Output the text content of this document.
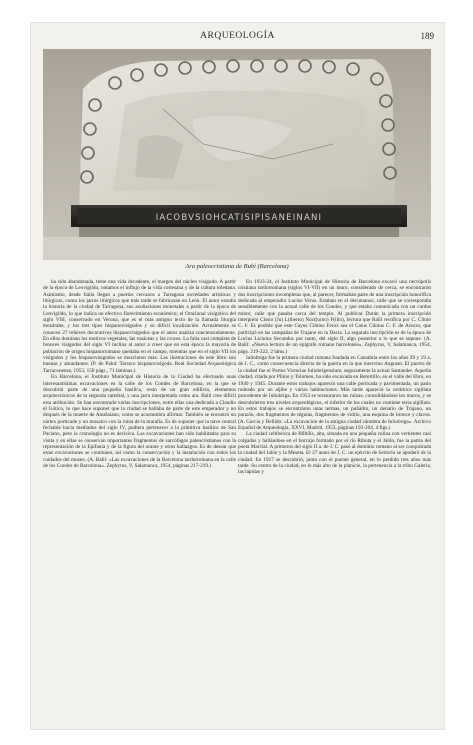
ARQUEOLOGÍA	189
IACOBVSIOHCATISIPISANEINANI
Ara paleocristiana de Rubí (Barcelona)

ha sido abandonada, tiene una vida decadente, el margen del núcleo visigodo. A partir de la época de Leovigildo, notamos el influjo de la vida cortesana y de la cultura toledana. Asimismo, desde Italia llegan a puertos cercanos a Tarragona novedades artísticas y litúrgicas, como los jarros litúrgicos que más tarde se fabricarán en León. El autor estudia la historia de la ciudad de Tarragona, sus acuñaciones monetales a partir de la época de Leovigildo, lo que indica un efectivo florecimiento económico; el Oracional visigótico del siglo VIII, conservado en Verona, que es el más antiguo texto de la llamada liturgia mozárabe, y los tres tipos hispanovisigodos y su difícil localización. Actualmente se conocen 27 relieves decorativos hispanovisigodos que el autor analiza concienzudamente. En ellos dominan los motivos vegetales, las rosáceas y las cruces. La falta casi completa de bronces visigodos del siglo VI inclina al autor a creer que en esta época la mayoría de población de origen hispanorromano quedaba en el campo, mientras que en el siglo VII los visigodos y los hispanovisigodos se mezclaron más. Las ilustraciones de este libro son buenas y abundantes. (P. de Palol: Tarraco hispanovisigoda. Real Sociedad Arqueológica Tarraconense, 1953, 158 págs., 71 láminas.)

En Barcelona, el Instituto Municipal de Historia de la Ciudad ha efectuado unas interesantísimas excavaciones en la calle de los Condes de Barcelona, en la que se descubrió parte de una pequeña basílica, resto de un gran edificio, elementos arquitectónicos de la segunda catedral, y una jarra interpretada como ara. Balil cree difícil esta atribución. Se han encontrado varias inscripciones, entre ellas una dedicada a Claudio el Gótico, lo que hace suponer que la ciudad se hallaba de parte de este emperador y no después de la muerte de Amelaiano, como se acostumbra afirmar. También se encontró un nártex porticado y un mosaico con la ruina de la muralla. Es de suponer que la nave central fechable hacia mediados del siglo IV, pudiera pertenecer a la primitiva basílica de San Paciano, pero la cronología no es decisiva. Las excavaciones han sido habilitadas para su visita y en ellas se conservan importantes fragmentos de sarcófagos paleocristianos con la representación de la Epifanía y de la figura del orante y otros hallazgos. Es de desear que estas excavaciones se continúen, así como la conservación y la instalación con todos los cuidados del museo. (A. Balil: «Las excavaciones de la Barcelona tardorromana en la calle de los Condes de Barcelona». Zephyrus, V, Salamanca, 1954, páginas 217-219.)

En 1933-34, el Instituto Municipal de Historia de Barcelona excavó una necrópolis cristiana tardorromana (siglos VI-VII) en un muro, considerado de cerca, se encontraron dos inscripciones incompletas que, al parecer, formaban parte de una inscripción honorífica dedicada al emperador Lucius Verus. Estaban en el decumanus, calle que se correspondía sensiblemente con la actual calle de los Condes, y que estaba comunicada con un cardus minor, calle que pasaba cerca del templo. Al publicar Durán la primera inscripción interpretó Cissio (Ju) L(iberto) Noct(urno) F(ilio), lectura que Balil rectifica por C. Cilnio C. F. Es posible que este Cayus Cilnius Ferox sea el Caius Cilnius C. F. de Arezzo, que participó en las campañas de Trajano en la Dacia. La segunda inscripción es de la época de Lucius Licinius Secundus por tanto, del siglo II, algo posterior a lo que se supone. (A. Balil: «Nueva lectura de un epígrafe romano barcelonés», Zephyrus, V, Salamanca, 1954, págs. 219-222, 2 láms.)

Iuliobriga fue la primera ciudad romana fundada en Cantabria entre los años 29 y 19 a. de J. C., como consecuencia directa de la guerra en la que intervino Augusto. El puerto de la ciudad fue el Portus Victoriae Iuliobrigensium, seguramente la actual Santander. Aquella ciudad, citada por Plinio y Tolomeo, ha sido excavada en Retortillo, en el valle del Ebro, en 1940 y 1945. Durante estos trabajos apareció una calle porticada y pavimentada, un patio rodeado por un aljibe y varias habitaciones. Más tarde apareció la cerámica sigillata procedente de Iuliobriga. En 1953 se restauraron las ruinas, consolidándose los muros, y se descubrieron tres niveles arqueológicos, el inferior de los cuales no contiene terra sigillata. En estos trabajos se encontraron unas termas, un puñalito, un denario de Trajano, un punzón, dos fragmentos de tégulas, fragmentos de vidrio, una esquina de bronce y clavos. (A. García y Bellido: «La excavación de la antigua ciudad cántabra de Iuliobriga». Archivo Español de Arqueología, XXVI, Madrid, 1953, páginas 193-204, 4 figs.)

La ciudad celtibérica de Bílbilis, alta, situada en una pequeña colina con vertientes casi colgadas y hallándose en el borcajo formado por el río Ribota y el Jalón, fue la patria del poeta Marcial. A primeros del siglo II a. de J. C. pasó al dominio romano al ser conquistada la ciudad del Jalón y la Meseta. El 27 antes de J. C. un ejército de Sertorio se apoderó de la ciudad. En 1917 se descubrió, junto con el puente general, en lo perdido tres años más tarde. Su centro de la ciudad, en lo más alto de la planicie, la pertenencia a la tribu Galeria, las lápidas y
